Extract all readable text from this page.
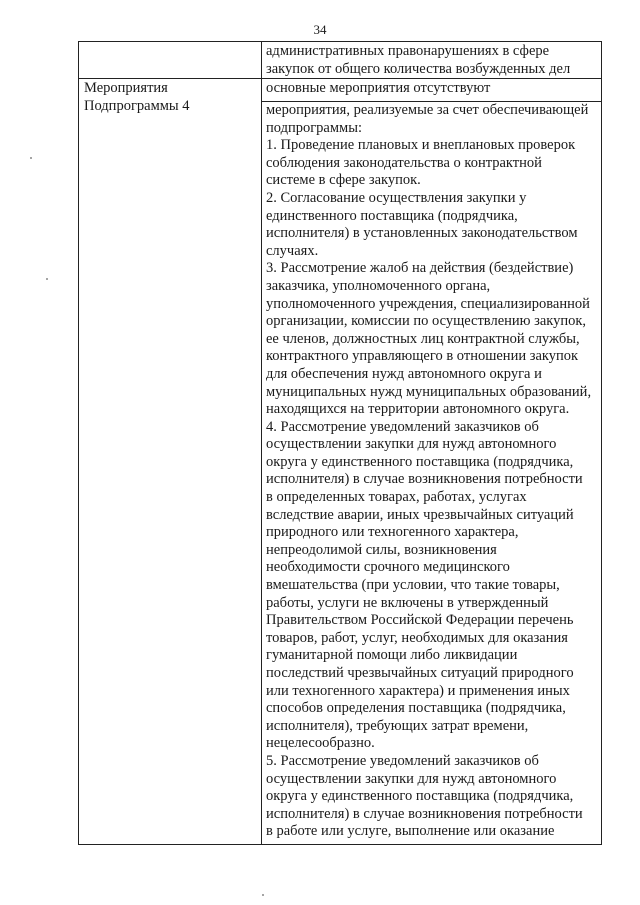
34
административных правонарушениях в сфере
закупок от общего количества возбужденных дел
Мероприятия
Подпрограммы 4
основные мероприятия отсутствуют
мероприятия, реализуемые за счет обеспечивающей
подпрограммы:
1. Проведение плановых и внеплановых проверок
соблюдения законодательства о контрактной
системе в сфере закупок.
2. Согласование осуществления закупки у
единственного поставщика (подрядчика,
исполнителя) в установленных законодательством
случаях.
3. Рассмотрение жалоб на действия (бездействие)
заказчика, уполномоченного органа,
уполномоченного учреждения, специализированной
организации, комиссии по осуществлению закупок,
ее членов, должностных лиц контрактной службы,
контрактного управляющего в отношении закупок
для обеспечения нужд автономного округа и
муниципальных нужд муниципальных образований,
находящихся на территории автономного округа.
4. Рассмотрение уведомлений заказчиков об
осуществлении закупки для нужд автономного
округа у единственного поставщика (подрядчика,
исполнителя) в случае возникновения потребности
в определенных товарах, работах, услугах
вследствие аварии, иных чрезвычайных ситуаций
природного или техногенного характера,
непреодолимой силы, возникновения
необходимости срочного медицинского
вмешательства (при условии, что такие товары,
работы, услуги не включены в утвержденный
Правительством Российской Федерации перечень
товаров, работ, услуг, необходимых для оказания
гуманитарной помощи либо ликвидации
последствий чрезвычайных ситуаций природного
или техногенного характера) и применения иных
способов определения поставщика (подрядчика,
исполнителя), требующих затрат времени,
нецелесообразно.
5. Рассмотрение уведомлений заказчиков об
осуществлении закупки для нужд автономного
округа у единственного поставщика (подрядчика,
исполнителя) в случае возникновения потребности
в работе или услуге, выполнение или оказание
